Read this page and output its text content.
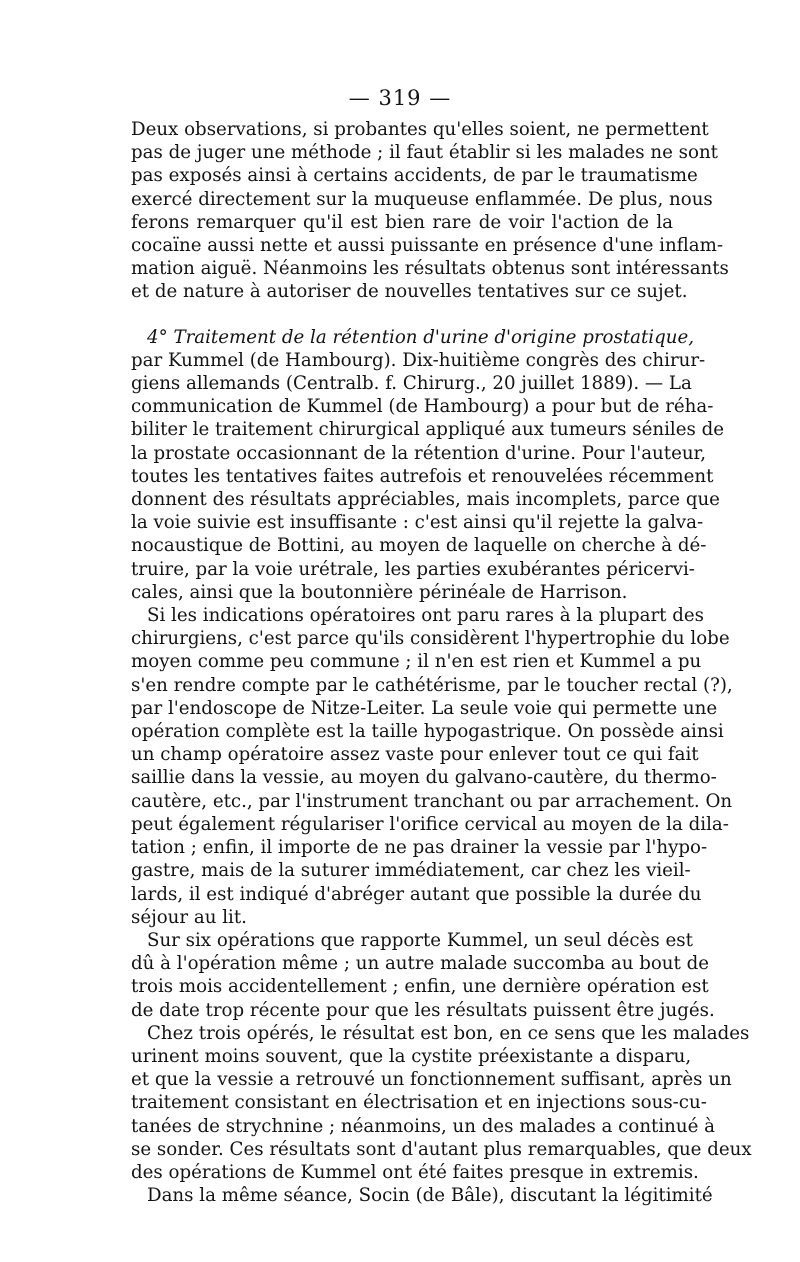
— 319 —
Deux observations, si probantes qu'elles soient, ne permettent
pas de juger une méthode ; il faut établir si les malades ne sont
pas exposés ainsi à certains accidents, de par le traumatisme
exercé directement sur la muqueuse enflammée. De plus, nous
ferons remarquer qu'il est bien rare de voir l'action de la
cocaïne aussi nette et aussi puissante en présence d'une inflam-
mation aiguë. Néanmoins les résultats obtenus sont intéressants
et de nature à autoriser de nouvelles tentatives sur ce sujet.
4° Traitement de la rétention d'urine d'origine prostatique,
par Kummel (de Hambourg). Dix-huitième congrès des chirur-
giens allemands (Centralb. f. Chirurg., 20 juillet 1889). — La
communication de Kummel (de Hambourg) a pour but de réha-
biliter le traitement chirurgical appliqué aux tumeurs séniles de
la prostate occasionnant de la rétention d'urine. Pour l'auteur,
toutes les tentatives faites autrefois et renouvelées récemment
donnent des résultats appréciables, mais incomplets, parce que
la voie suivie est insuffisante : c'est ainsi qu'il rejette la galva-
nocaustique de Bottini, au moyen de laquelle on cherche à dé-
truire, par la voie urétrale, les parties exubérantes péricervi-
cales, ainsi que la boutonnière périnéale de Harrison.
Si les indications opératoires ont paru rares à la plupart des
chirurgiens, c'est parce qu'ils considèrent l'hypertrophie du lobe
moyen comme peu commune ; il n'en est rien et Kummel a pu
s'en rendre compte par le cathétérisme, par le toucher rectal (?),
par l'endoscope de Nitze-Leiter. La seule voie qui permette une
opération complète est la taille hypogastrique. On possède ainsi
un champ opératoire assez vaste pour enlever tout ce qui fait
saillie dans la vessie, au moyen du galvano-cautère, du thermo-
cautère, etc., par l'instrument tranchant ou par arrachement. On
peut également régulariser l'orifice cervical au moyen de la dila-
tation ; enfin, il importe de ne pas drainer la vessie par l'hypo-
gastre, mais de la suturer immédiatement, car chez les vieil-
lards, il est indiqué d'abréger autant que possible la durée du
séjour au lit.
Sur six opérations que rapporte Kummel, un seul décès est
dû à l'opération même ; un autre malade succomba au bout de
trois mois accidentellement ; enfin, une dernière opération est
de date trop récente pour que les résultats puissent être jugés.
Chez trois opérés, le résultat est bon, en ce sens que les malades
urinent moins souvent, que la cystite préexistante a disparu,
et que la vessie a retrouvé un fonctionnement suffisant, après un
traitement consistant en électrisation et en injections sous-cu-
tanées de strychnine ; néanmoins, un des malades a continué à
se sonder. Ces résultats sont d'autant plus remarquables, que deux
des opérations de Kummel ont été faites presque in extremis.
Dans la même séance, Socin (de Bâle), discutant la légitimité
